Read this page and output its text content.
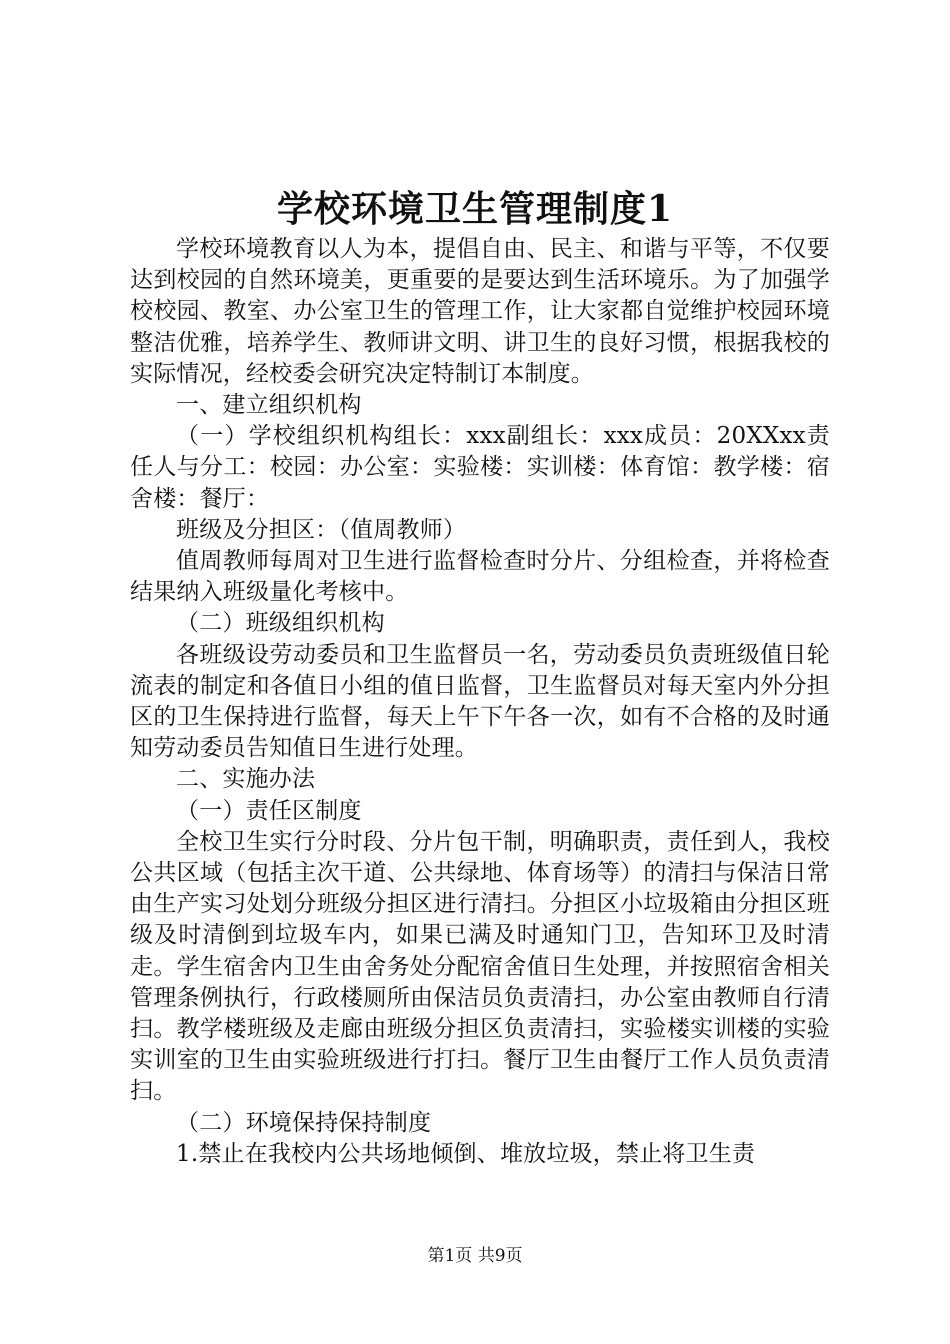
学校环境卫生管理制度1

学校环境教育以人为本，提倡自由、民主、和谐与平等，不仅要达到校园的自然环境美，更重要的是要达到生活环境乐。为了加强学校校园、教室、办公室卫生的管理工作，让大家都自觉维护校园环境整洁优雅，培养学生、教师讲文明、讲卫生的良好习惯，根据我校的实际情况，经校委会研究决定特制订本制度。

一、建立组织机构

（一）学校组织机构组长：xxx副组长：xxx成员：20XXxx责任人与分工：校园：办公室：实验楼：实训楼：体育馆：教学楼：宿舍楼：餐厅：

班级及分担区：（值周教师）

值周教师每周对卫生进行监督检查时分片、分组检查，并将检查结果纳入班级量化考核中。

（二）班级组织机构

各班级设劳动委员和卫生监督员一名，劳动委员负责班级值日轮流表的制定和各值日小组的值日监督，卫生监督员对每天室内外分担区的卫生保持进行监督，每天上午下午各一次，如有不合格的及时通知劳动委员告知值日生进行处理。

二、实施办法

（一）责任区制度

全校卫生实行分时段、分片包干制，明确职责，责任到人，我校公共区域（包括主次干道、公共绿地、体育场等）的清扫与保洁日常由生产实习处划分班级分担区进行清扫。分担区小垃圾箱由分担区班级及时清倒到垃圾车内，如果已满及时通知门卫，告知环卫及时清走。学生宿舍内卫生由舍务处分配宿舍值日生处理，并按照宿舍相关管理条例执行，行政楼厕所由保洁员负责清扫，办公室由教师自行清扫。教学楼班级及走廊由班级分担区负责清扫，实验楼实训楼的实验实训室的卫生由实验班级进行打扫。餐厅卫生由餐厅工作人员负责清扫。

（二）环境保持保持制度

1.禁止在我校内公共场地倾倒、堆放垃圾，禁止将卫生责

第1页 共9页
